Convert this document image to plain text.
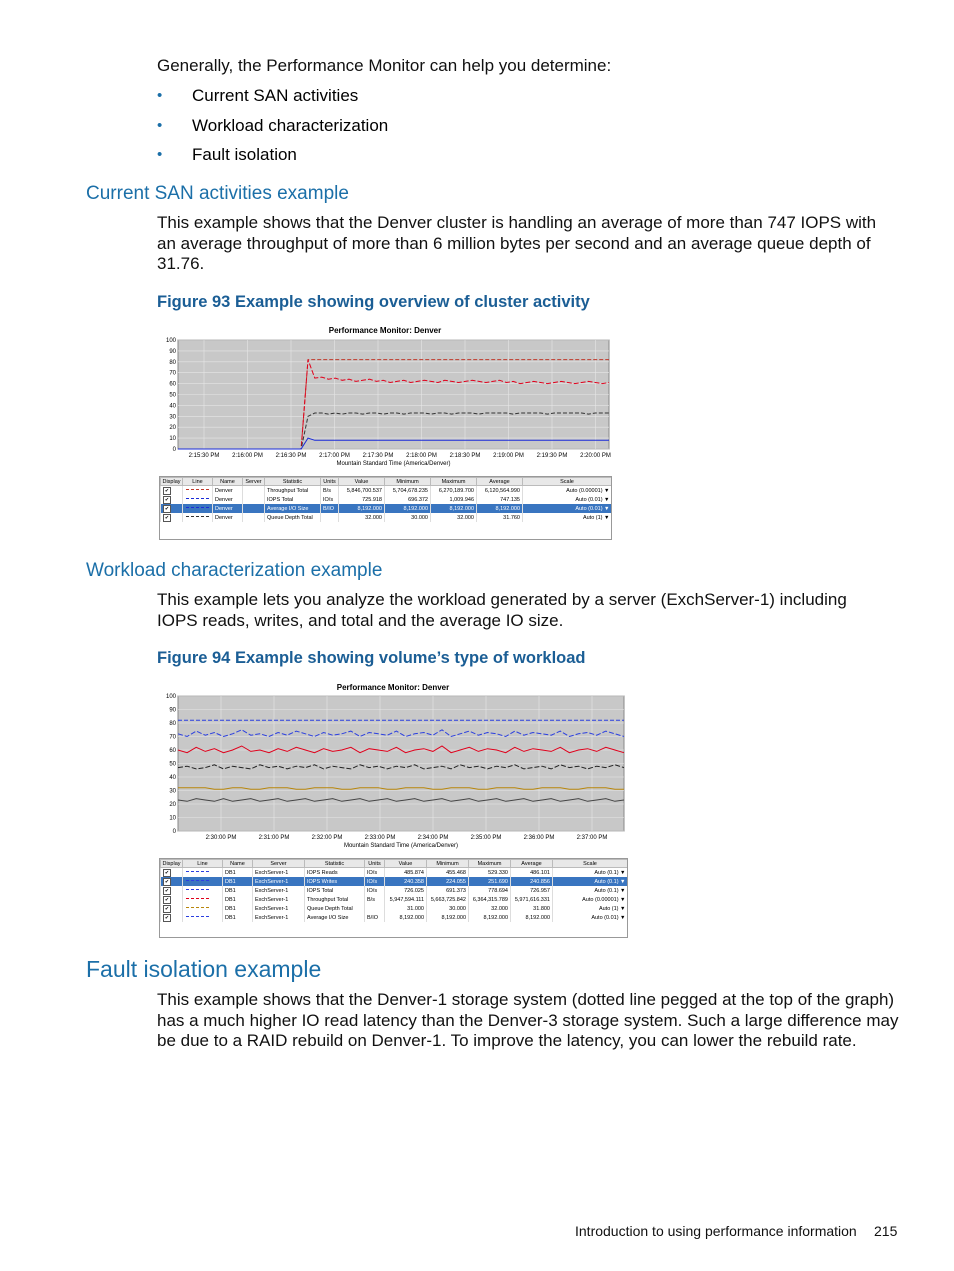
Generally, the Performance Monitor can help you determine:
• Current SAN activities
• Workload characterization
• Fault isolation
Current SAN activities example
This example shows that the Denver cluster is handling an average of more than 747 IOPS with an average throughput of more than 6 million bytes per second and an average queue depth of 31.76.
Figure 93 Example showing overview of cluster activity
Performance Monitor: Denver
0
10
20
30
40
50
60
70
80
90
100
2:15:30 PM 2:16:00 PM 2:16:30 PM 2:17:00 PM 2:17:30 PM 2:18:00 PM 2:18:30 PM 2:19:00 PM 2:19:30 PM 2:20:00 PM
Mountain Standard Time (America/Denver)
Display	Line	Name	Server	Statistic	Units	Value	Minimum	Maximum	Average	Scale
✔		Denver		Throughput Total	B/s	5,846,700.537	5,704,678.235	6,270,189.700	6,120,564.990	Auto (0.00001) ▼
✔		Denver		IOPS Total	IO/s	725.918	696.372	1,009.946	747.135	Auto (0.01) ▼
✔		Denver		Average I/O Size	B/IO	8,192.000	8,192.000	8,192.000	8,192.000	Auto (0.01) ▼
✔		Denver		Queue Depth Total		32.000	30.000	32.000	31.760	Auto (1) ▼
Workload characterization example
This example lets you analyze the workload generated by a server (ExchServer-1) including IOPS reads, writes, and total and the average IO size.
Figure 94 Example showing volume’s type of workload
Performance Monitor: Denver
0
10
20
30
40
50
60
70
80
90
100
2:30:00 PM	2:31:00 PM	2:32:00 PM	2:33:00 PM	2:34:00 PM	2:35:00 PM	2:36:00 PM	2:37:00 PM
Mountain Standard Time (America/Denver)
Display	Line	Name	Server	Statistic	Units	Value	Minimum	Maximum	Average	Scale
✔		DB1	ExchServer-1	IOPS Reads	IO/s	485.874	455.468	529.330	486.101	Auto (0.1) ▼
✔		DB1	ExchServer-1	IOPS Writes	IO/s	240.358	224.055	251.690	240.856	Auto (0.1) ▼
✔		DB1	ExchServer-1	IOPS Total	IO/s	726.025	691.373	778.694	726.957	Auto (0.1) ▼
✔		DB1	ExchServer-1	Throughput Total	B/s	5,947,594.111	5,663,725.842	6,364,315.789	5,971,616.331	Auto (0.00001) ▼
✔		DB1	ExchServer-1	Queue Depth Total		31.000	30.000	32.000	31.800	Auto (1) ▼
✔		DB1	ExchServer-1	Average I/O Size	B/IO	8,192.000	8,192.000	8,192.000	8,192.000	Auto (0.01) ▼
Fault isolation example
This example shows that the Denver-1 storage system (dotted line pegged at the top of the graph) has a much higher IO read latency than the Denver-3 storage system. Such a large difference may be due to a RAID rebuild on Denver-1. To improve the latency, you can lower the rebuild rate.
Introduction to using performance information 215
